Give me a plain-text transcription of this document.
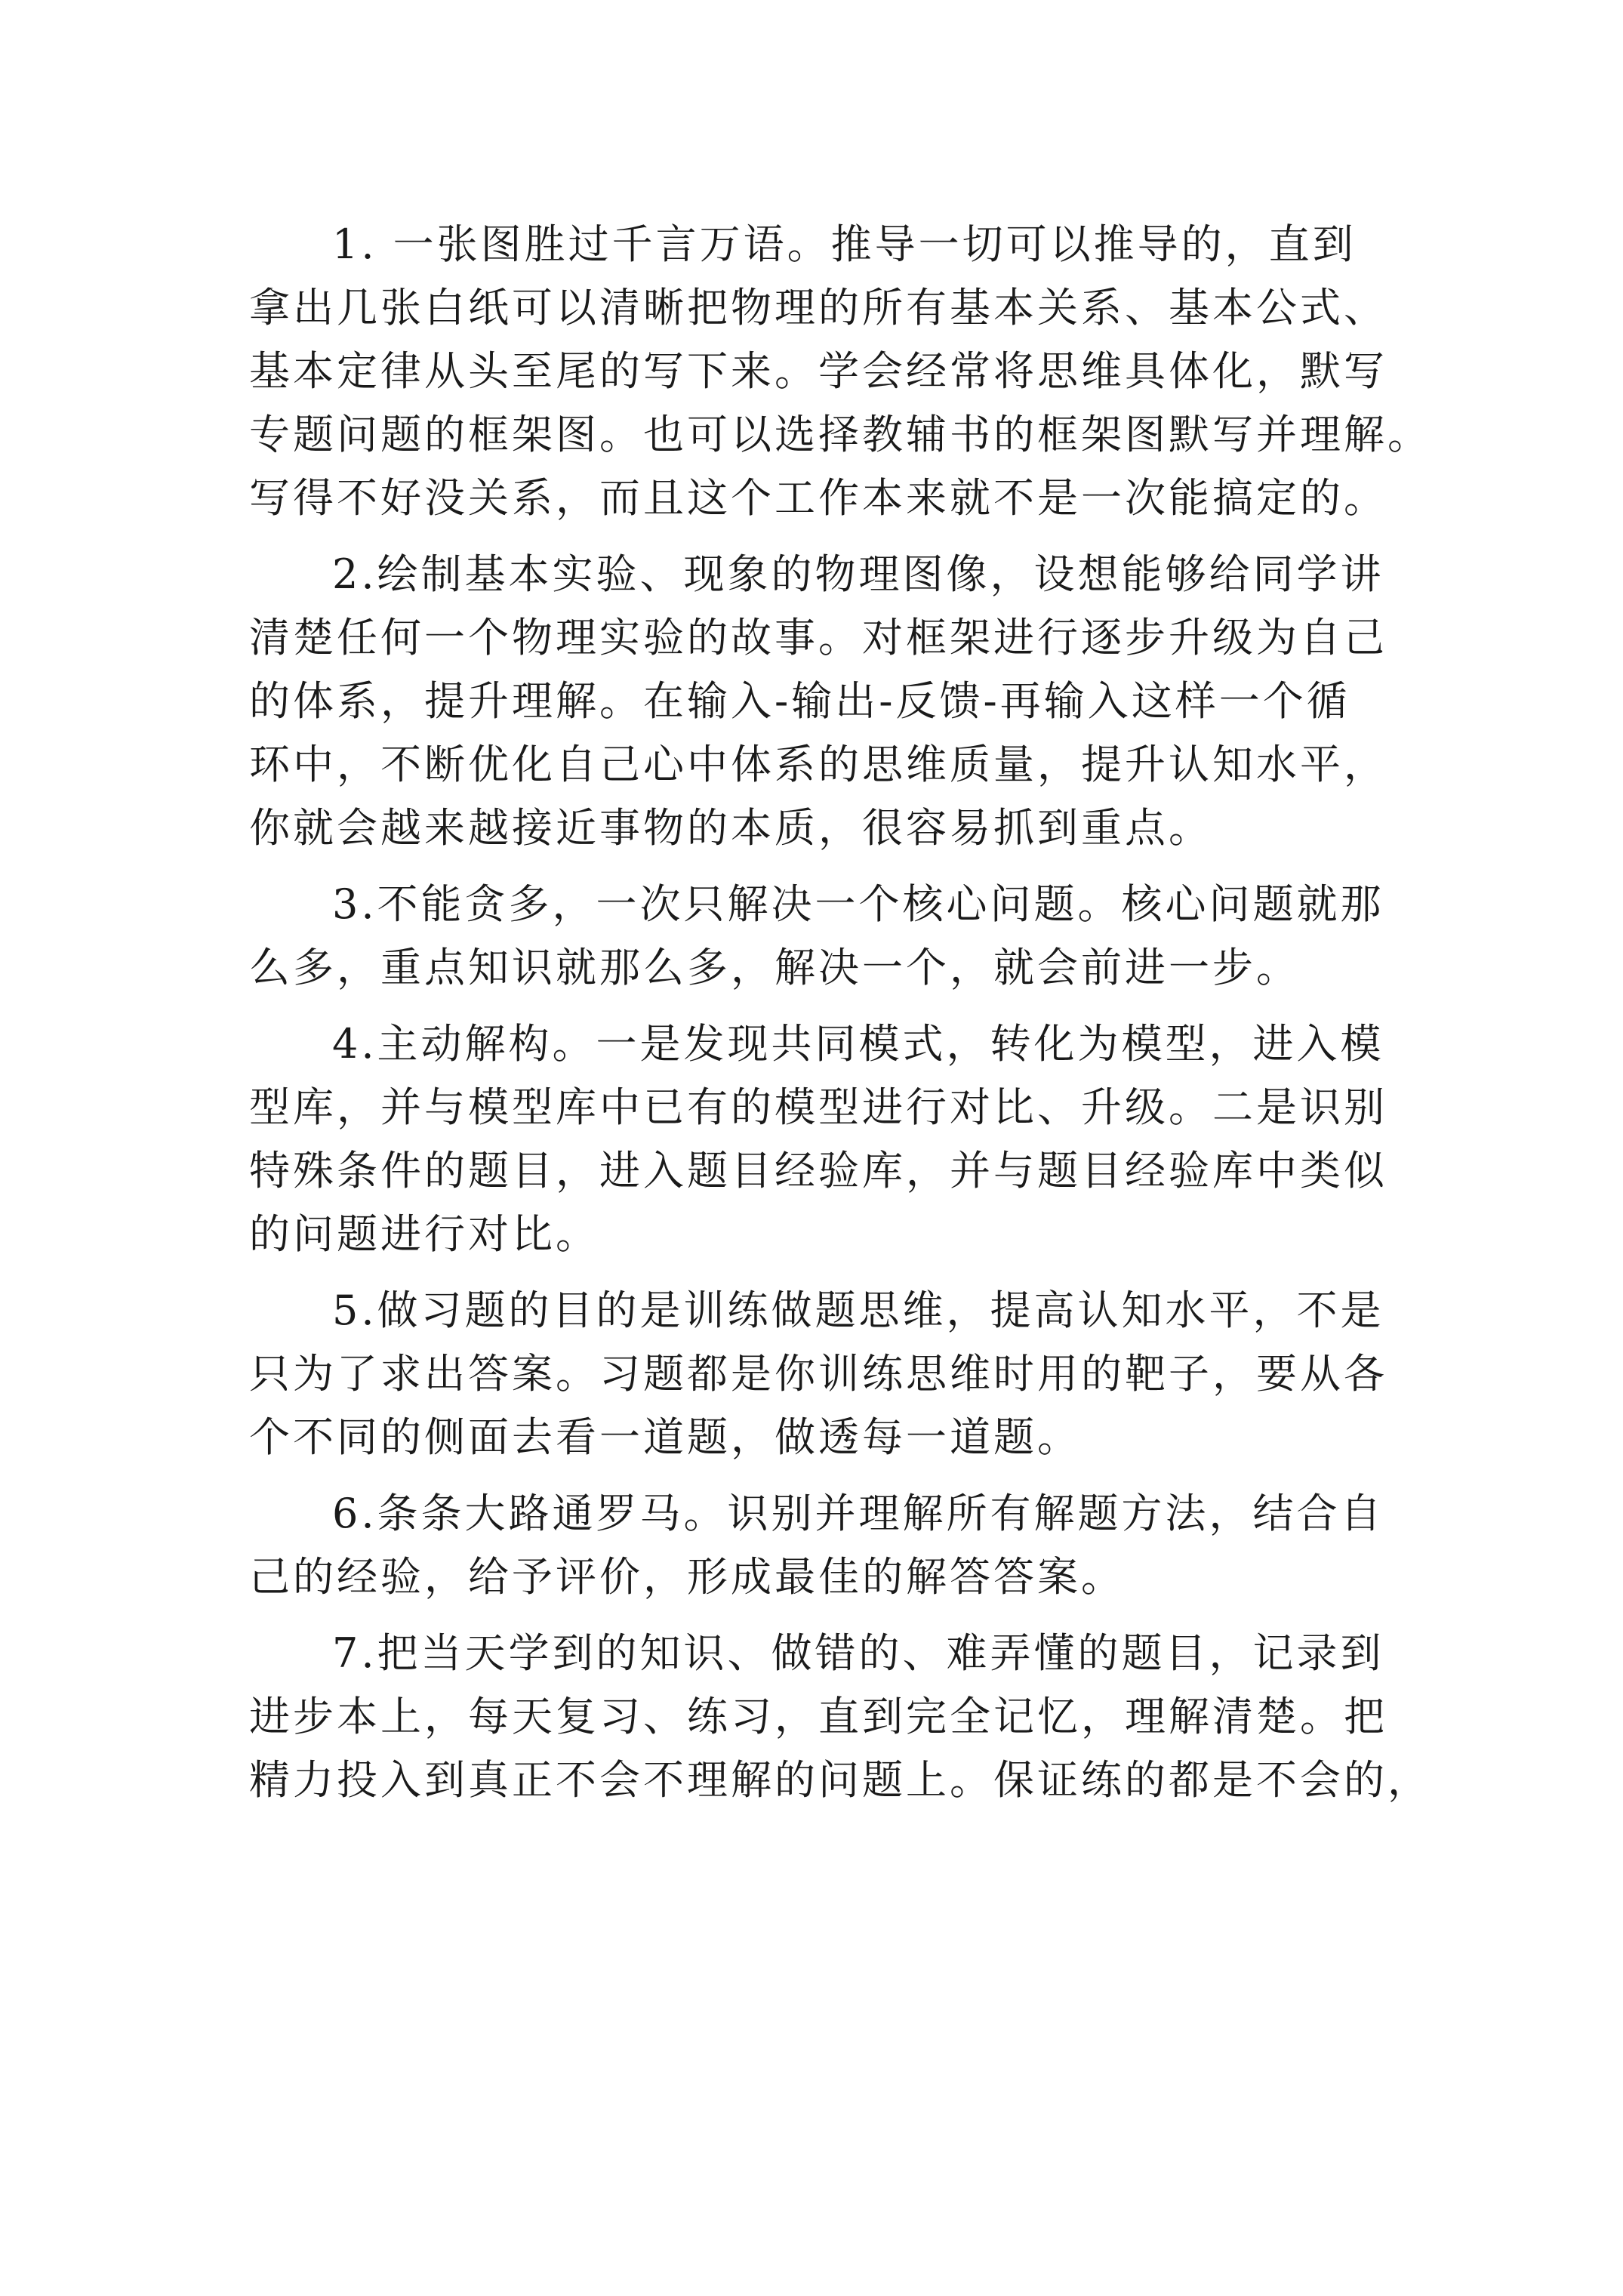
1. 一张图胜过千言万语。推导一切可以推导的，直到
拿出几张白纸可以清晰把物理的所有基本关系、基本公式、
基本定律从头至尾的写下来。学会经常将思维具体化，默写
专题问题的框架图。也可以选择教辅书的框架图默写并理解。
写得不好没关系，而且这个工作本来就不是一次能搞定的。

2.绘制基本实验、现象的物理图像，设想能够给同学讲
清楚任何一个物理实验的故事。对框架进行逐步升级为自己
的体系，提升理解。在输入-输出-反馈-再输入这样一个循
环中，不断优化自己心中体系的思维质量，提升认知水平，
你就会越来越接近事物的本质，很容易抓到重点。

3.不能贪多，一次只解决一个核心问题。核心问题就那
么多，重点知识就那么多，解决一个，就会前进一步。

4.主动解构。一是发现共同模式，转化为模型，进入模
型库，并与模型库中已有的模型进行对比、升级。二是识别
特殊条件的题目，进入题目经验库，并与题目经验库中类似
的问题进行对比。

5.做习题的目的是训练做题思维，提高认知水平，不是
只为了求出答案。习题都是你训练思维时用的靶子，要从各
个不同的侧面去看一道题，做透每一道题。

6.条条大路通罗马。识别并理解所有解题方法，结合自
己的经验，给予评价，形成最佳的解答答案。

7.把当天学到的知识、做错的、难弄懂的题目，记录到
进步本上，每天复习、练习，直到完全记忆，理解清楚。把
精力投入到真正不会不理解的问题上。保证练的都是不会的，
